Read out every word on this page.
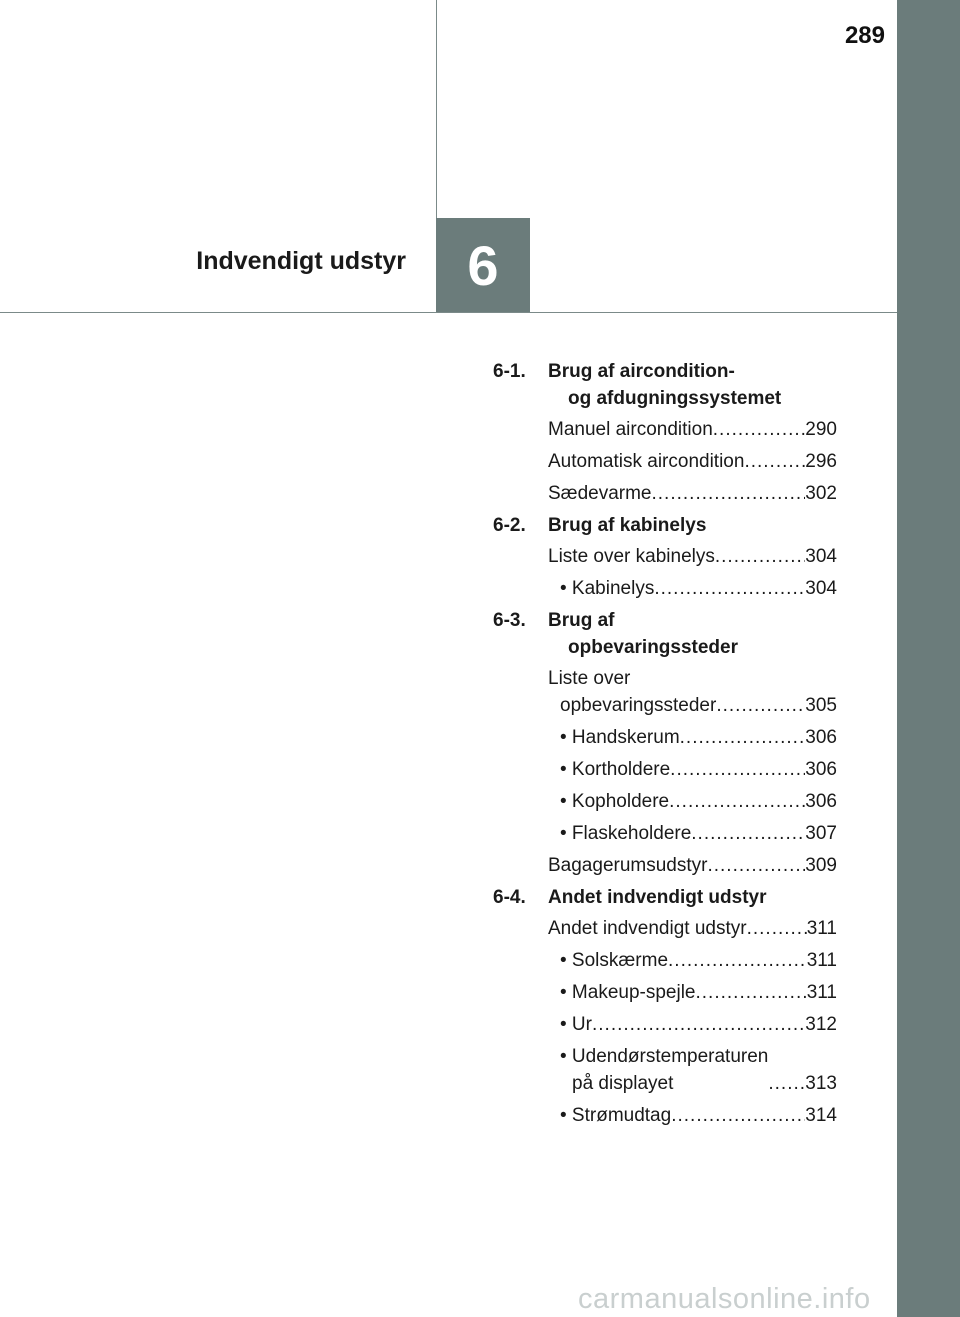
289
Indvendigt udstyr	6
6-1.	Brug af aircondition-
og afdugningssystemet
Manuel aircondition .....	290
Automatisk aircondition .....	296
Sædevarme .....	302
6-2.	Brug af kabinelys
Liste over kabinelys .....	304
• Kabinelys .....	304
6-3.	Brug af
opbevaringssteder
Liste over
opbevaringssteder .....	305
• Handskerum .....	306
• Kortholdere .....	306
• Kopholdere .....	306
• Flaskeholdere .....	307
Bagagerumsudstyr .....	309
6-4.	Andet indvendigt udstyr
Andet indvendigt udstyr .....	311
• Solskærme .....	311
• Makeup-spejle .....	311
• Ur .....	312
• Udendørstemperaturen
på displayet .....	313
• Strømudtag .....	314
carmanualsonline.info
